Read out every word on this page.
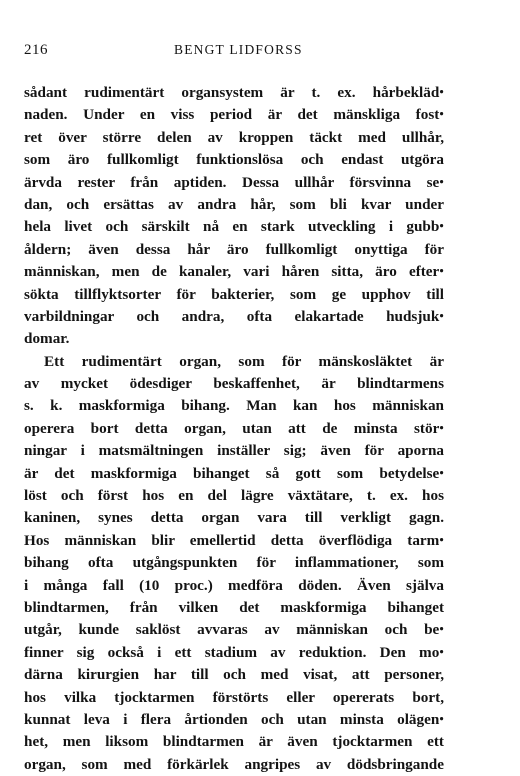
216	BENGT LIDFORSS
sådant rudimentärt organsystem är t. ex. hårbeklädꞏ
naden. Under en viss period är det mänskliga fostꞏ
ret över större delen av kroppen täckt med ullhår,
som äro fullkomligt funktionslösa och endast utgöra
ärvda rester från aptiden. Dessa ullhår försvinna seꞏ
dan, och ersättas av andra hår, som bli kvar under
hela livet och särskilt nå en stark utveckling i gubbꞏ
åldern; även dessa hår äro fullkomligt onyttiga för
människan, men de kanaler, vari håren sitta, äro efterꞏ
sökta tillflyktsorter för bakterier, som ge upphov till
varbildningar och andra, ofta elakartade hudsjukꞏ
domar.
Ett rudimentärt organ, som för mänskosläktet är
av mycket ödesdiger beskaffenhet, är blindtarmens
s. k. maskformiga bihang. Man kan hos människan
operera bort detta organ, utan att de minsta störꞏ
ningar i matsmältningen inställer sig; även för aporna
är det maskformiga bihanget så gott som betydelseꞏ
löst och först hos en del lägre växtätare, t. ex. hos
kaninen, synes detta organ vara till verkligt gagn.
Hos människan blir emellertid detta överflödiga tarmꞏ
bihang ofta utgångspunkten för inflammationer, som
i många fall (10 proc.) medföra döden. Även själva
blindtarmen, från vilken det maskformiga bihanget
utgår, kunde saklöst avvaras av människan och beꞏ
finner sig också i ett stadium av reduktion. Den moꞏ
därna kirurgien har till och med visat, att personer,
hos vilka tjocktarmen förstörts eller opererats bort,
kunnat leva i flera årtionden och utan minsta olägenꞏ
het, men liksom blindtarmen är även tjocktarmen ett
organ, som med förkärlek angripes av dödsbringande
